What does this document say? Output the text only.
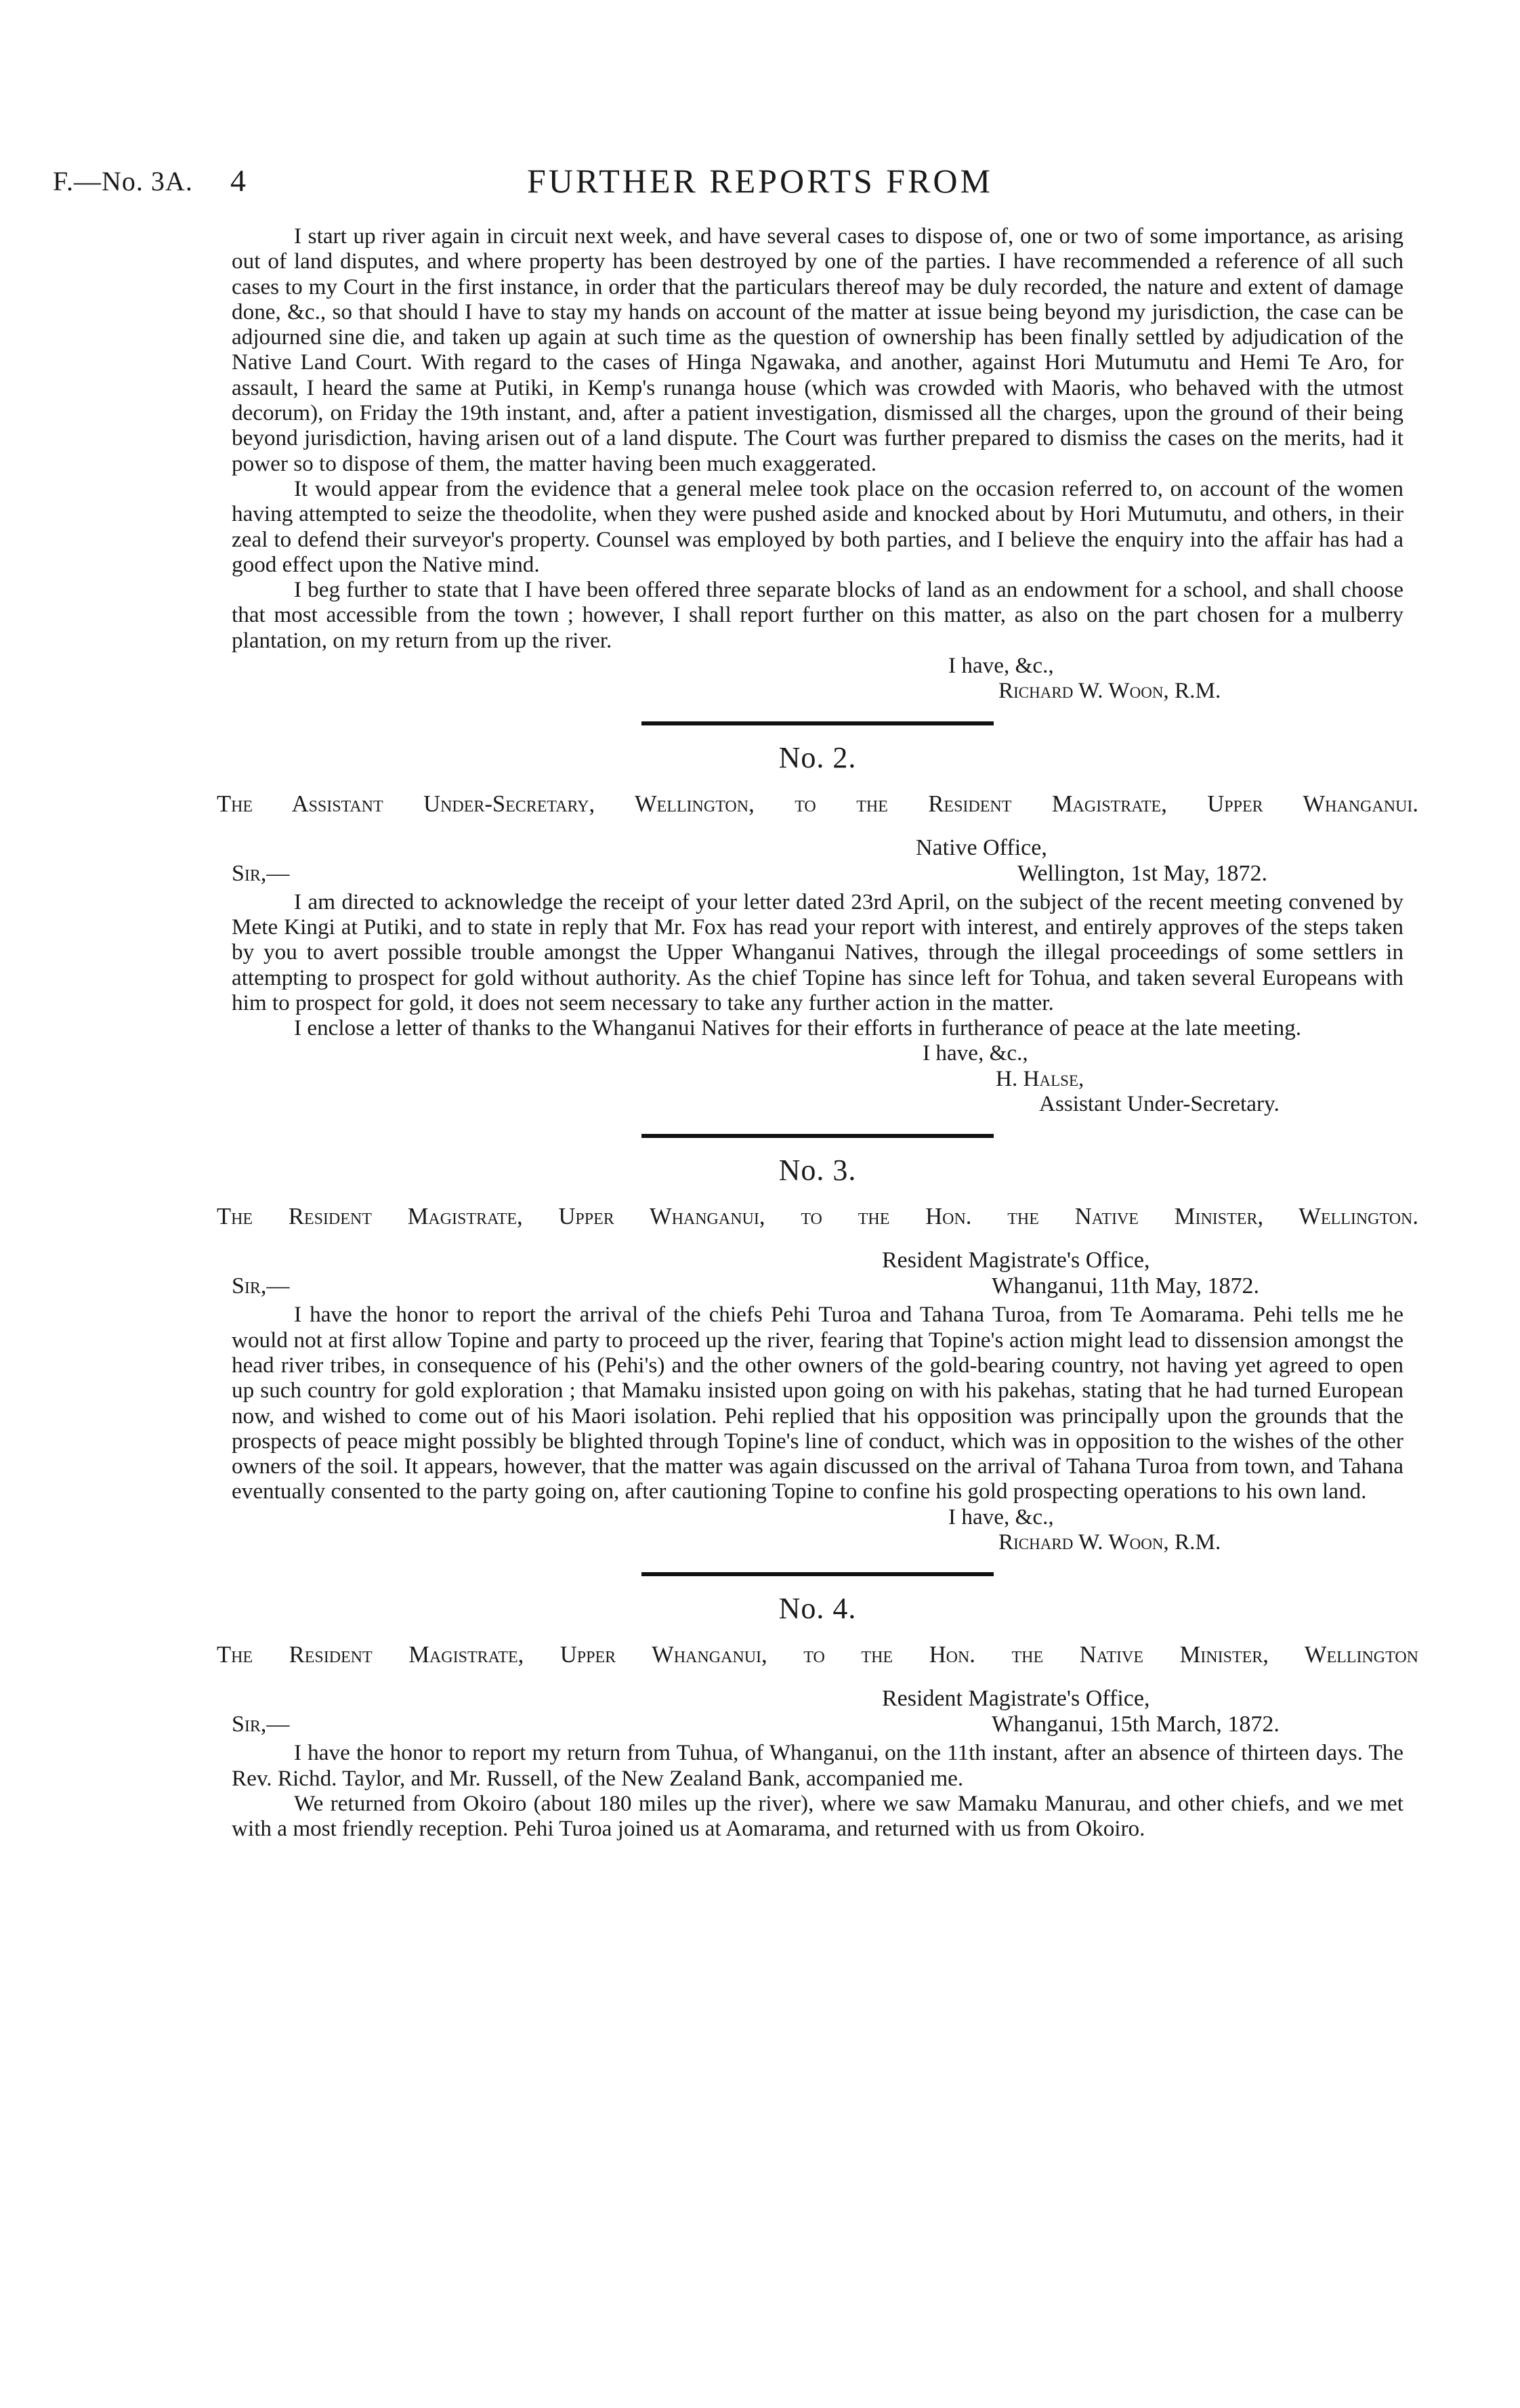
F.—No. 3A. 4	FURTHER REPORTS FROM

I start up river again in circuit next week, and have several cases to dispose of, one or two of some importance, as arising out of land disputes, and where property has been destroyed by one of the parties. I have recommended a reference of all such cases to my Court in the first instance, in order that the particulars thereof may be duly recorded, the nature and extent of damage done, &c., so that should I have to stay my hands on account of the matter at issue being beyond my jurisdiction, the case can be adjourned sine die, and taken up again at such time as the question of ownership has been finally settled by adjudication of the Native Land Court. With regard to the cases of Hinga Ngawaka, and another, against Hori Mutumutu and Hemi Te Aro, for assault, I heard the same at Putiki, in Kemp's runanga house (which was crowded with Maoris, who behaved with the utmost decorum), on Friday the 19th instant, and, after a patient investigation, dismissed all the charges, upon the ground of their being beyond jurisdiction, having arisen out of a land dispute. The Court was further prepared to dismiss the cases on the merits, had it power so to dispose of them, the matter having been much exaggerated.

It would appear from the evidence that a general melee took place on the occasion referred to, on account of the women having attempted to seize the theodolite, when they were pushed aside and knocked about by Hori Mutumutu, and others, in their zeal to defend their surveyor's property. Counsel was employed by both parties, and I believe the enquiry into the affair has had a good effect upon the Native mind.

I beg further to state that I have been offered three separate blocks of land as an endowment for a school, and shall choose that most accessible from the town ; however, I shall report further on this matter, as also on the part chosen for a mulberry plantation, on my return from up the river.

I have, &c.,

Richard W. Woon, R.M.

No. 2.
The Assistant Under-Secretary, Wellington, to the Resident Magistrate, Upper Whanganui.
Native Office,
Sir,—	Wellington, 1st May, 1872.

I am directed to acknowledge the receipt of your letter dated 23rd April, on the subject of the recent meeting convened by Mete Kingi at Putiki, and to state in reply that Mr. Fox has read your report with interest, and entirely approves of the steps taken by you to avert possible trouble amongst the Upper Whanganui Natives, through the illegal proceedings of some settlers in attempting to prospect for gold without authority. As the chief Topine has since left for Tohua, and taken several Europeans with him to prospect for gold, it does not seem necessary to take any further action in the matter.

I enclose a letter of thanks to the Whanganui Natives for their efforts in furtherance of peace at the late meeting.

I have, &c.,

H. Halse,

Assistant Under-Secretary.

No. 3.
The Resident Magistrate, Upper Whanganui, to the Hon. the Native Minister, Wellington.
Resident Magistrate's Office,
Sir,—	Whanganui, 11th May, 1872.

I have the honor to report the arrival of the chiefs Pehi Turoa and Tahana Turoa, from Te Aomarama. Pehi tells me he would not at first allow Topine and party to proceed up the river, fearing that Topine's action might lead to dissension amongst the head river tribes, in consequence of his (Pehi's) and the other owners of the gold-bearing country, not having yet agreed to open up such country for gold exploration ; that Mamaku insisted upon going on with his pakehas, stating that he had turned European now, and wished to come out of his Maori isolation. Pehi replied that his opposition was principally upon the grounds that the prospects of peace might possibly be blighted through Topine's line of conduct, which was in opposition to the wishes of the other owners of the soil. It appears, however, that the matter was again discussed on the arrival of Tahana Turoa from town, and Tahana eventually consented to the party going on, after cautioning Topine to confine his gold prospecting operations to his own land.

I have, &c.,

Richard W. Woon, R.M.

No. 4.
The Resident Magistrate, Upper Whanganui, to the Hon. the Native Minister, Wellington
Resident Magistrate's Office,
Sir,—	Whanganui, 15th March, 1872.

I have the honor to report my return from Tuhua, of Whanganui, on the 11th instant, after an absence of thirteen days. The Rev. Richd. Taylor, and Mr. Russell, of the New Zealand Bank, accompanied me.

We returned from Okoiro (about 180 miles up the river), where we saw Mamaku Manurau, and other chiefs, and we met with a most friendly reception. Pehi Turoa joined us at Aomarama, and returned with us from Okoiro.
